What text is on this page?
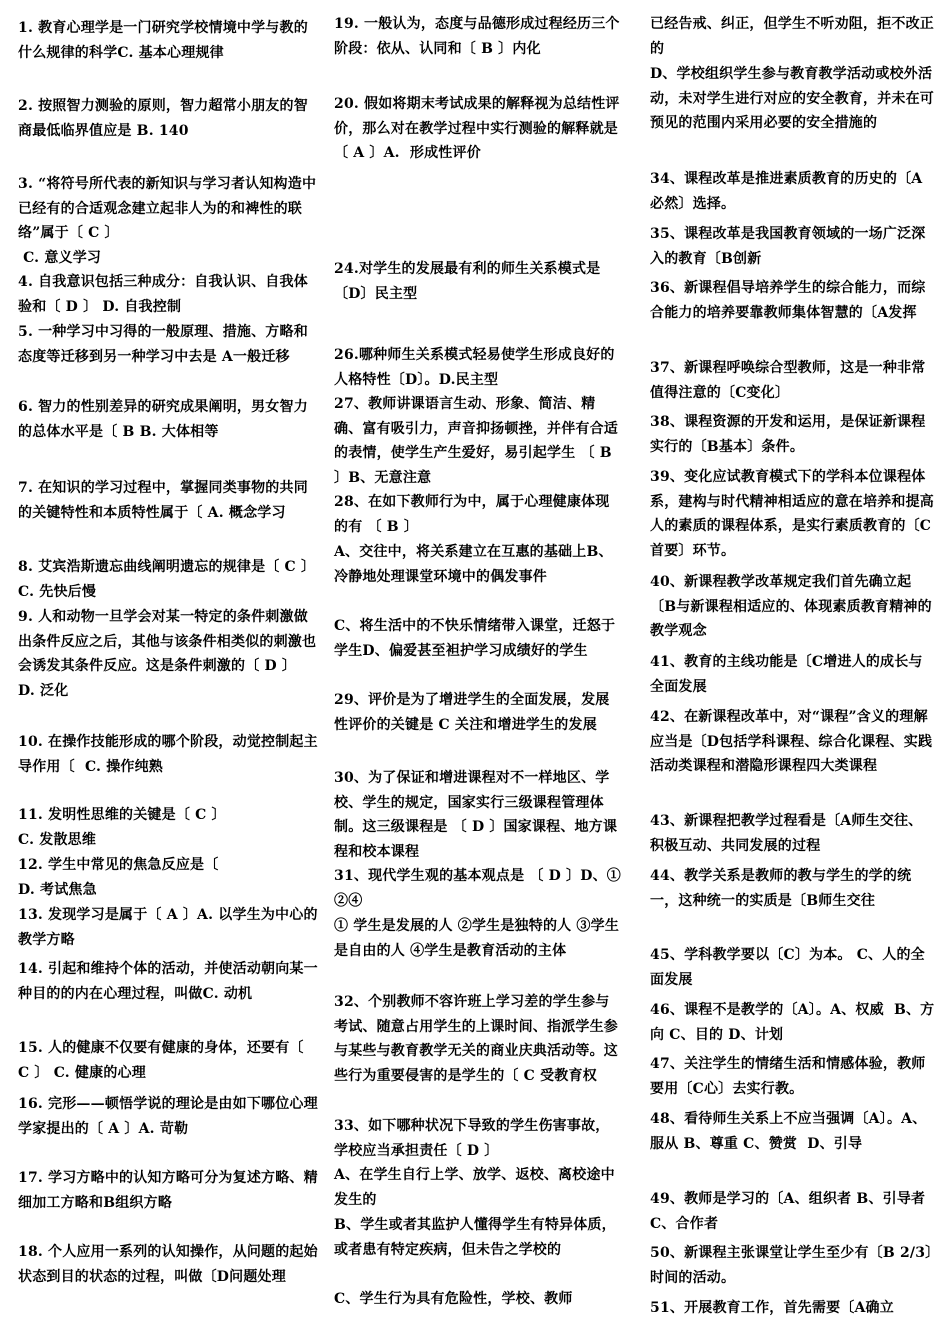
1. 教育心理学是一门研究学校情境中学与教的什么规律的科学C. 基本心理规律

2. 按照智力测验的原则，智力超常小朋友的智商最低临界值应是 B. 140

3. “将符号所代表的新知识与学习者认知构造中已经有的合适观念建立起非人为的和裨性的联络”属于〔 C 〕
C. 意义学习

4. 自我意识包括三种成分：自我认识、自我体验和〔 D 〕 D. 自我控制

5. 一种学习中习得的一般原理、措施、方略和态度等迁移到另一种学习中去是 A一般迁移

6. 智力的性别差异的研究成果阐明，男女智力的总体水平是〔 B B. 大体相等

7. 在知识的学习过程中，掌握同类事物的共同的关键特性和本质特性属于〔 A. 概念学习

8. 艾宾浩斯遗忘曲线阐明遗忘的规律是〔 C 〕 C. 先快后慢

9. 人和动物一旦学会对某一特定的条件刺激做出条件反应之后，其他与该条件相类似的刺激也会诱发其条件反应。这是条件刺激的〔 D 〕    D. 泛化

10. 在操作技能形成的哪个阶段，动觉控制起主导作用〔  C. 操作纯熟

11. 发明性思维的关键是〔 C 〕
C. 发散思维

12. 学生中常见的焦急反应是〔
D. 考试焦急

13. 发现学习是属于〔 A 〕A. 以学生为中心的教学方略

14. 引起和维持个体的活动，并使活动朝向某一种目的的内在心理过程，叫做C. 动机

15. 人的健康不仅要有健康的身体，还要有〔 C 〕 C. 健康的心理

16. 完形——顿悟学说的理论是由如下哪位心理学家提出的〔 A 〕A. 苛勒

17. 学习方略中的认知方略可分为复述方略、精细加工方略和B组织方略

18. 个人应用一系列的认知操作，从问题的起始状态到目的状态的过程，叫做〔D问题处理

19. 一般认为，态度与品德形成过程经历三个阶段：依从、认同和〔 B 〕内化

20. 假如将期末考试成果的解释视为总结性评价，那么对在教学过程中实行测验的解释就是〔 A 〕A.  形成性评价

24.对学生的发展最有利的师生关系模式是〔D〕民主型

26.哪种师生关系模式轻易使学生形成良好的人格特性〔D〕。D.民主型

27、教师讲课语言生动、形象、简洁、精确、富有吸引力，声音抑扬顿挫，并伴有合适的表情，使学生产生爱好，易引起学生 〔 B 〕B、无意注意

28、在如下教师行为中，属于心理健康体现的有 〔 B 〕

A、交往中，将关系建立在互惠的基础上B、冷静地处理课堂环境中的偶发事件

C、将生活中的不快乐情绪带入课堂，迁怒于学生D、偏爱甚至袒护学习成绩好的学生

29、评价是为了增进学生的全面发展，发展性评价的关键是 C 关注和增进学生的发展

30、为了保证和增进课程对不一样地区、学校、学生的规定，国家实行三级课程管理体制。这三级课程是 〔 D 〕国家课程、地方课程和校本课程

31、现代学生观的基本观点是 〔 D 〕D、①②④

① 学生是发展的人 ②学生是独特的人 ③学生是自由的人 ④学生是教育活动的主体

32、个别教师不容许班上学习差的学生参与考试、随意占用学生的上课时间、指派学生参与某些与教育教学无关的商业庆典活动等。这些行为重要侵害的是学生的〔 C 受教育权

33、如下哪种状况下导致的学生伤害事故，学校应当承担责任〔 D 〕

A、在学生自行上学、放学、返校、离校途中发生的

B、学生或者其监护人懂得学生有特异体质，或者患有特定疾病，但未告之学校的

C、学生行为具有危险性，学校、教师

已经告戒、纠正，但学生不听劝阻，拒不改正的

D、学校组织学生参与教育教学活动或校外活动，未对学生进行对应的安全教育，并未在可预见的范围内采用必要的安全措施的

34、课程改革是推进素质教育的历史的〔A必然〕选择。

35、课程改革是我国教育领域的一场广泛深入的教育〔B创新

36、新课程倡导培养学生的综合能力，而综合能力的培养要靠教师集体智慧的〔A发挥

37、新课程呼唤综合型教师，这是一种非常值得注意的〔C变化〕

38、课程资源的开发和运用，是保证新课程实行的〔B基本〕条件。

39、变化应试教育模式下的学科本位课程体系，建构与时代精神相适应的意在培养和提高人的素质的课程体系，是实行素质教育的〔C首要〕环节。

40、新课程教学改革规定我们首先确立起〔B与新课程相适应的、体现素质教育精神的教学观念

41、教育的主线功能是〔C增进人的成长与全面发展

42、在新课程改革中，对“课程”含义的理解应当是〔D包括学科课程、综合化课程、实践活动类课程和潜隐形课程四大类课程

43、新课程把教学过程看是〔A师生交往、积极互动、共同发展的过程

44、教学关系是教师的教与学生的学的统一，这种统一的实质是〔B师生交往

45、学科教学要以〔C〕为本。 C、人的全面发展

46、课程不是教学的〔A〕。A、权威  B、方向 C、目的 D、计划

47、关注学生的情绪生活和情感体验，教师要用〔C心〕去实行教。

48、看待师生关系上不应当强调〔A〕。A、服从 B、尊重 C、赞赏  D、引导

49、教师是学习的〔A、组织者 B、引导者 C、合作者

50、新课程主张课堂让学生至少有〔B 2/3〕时间的活动。

51、开展教育工作，首先需要〔A确立
